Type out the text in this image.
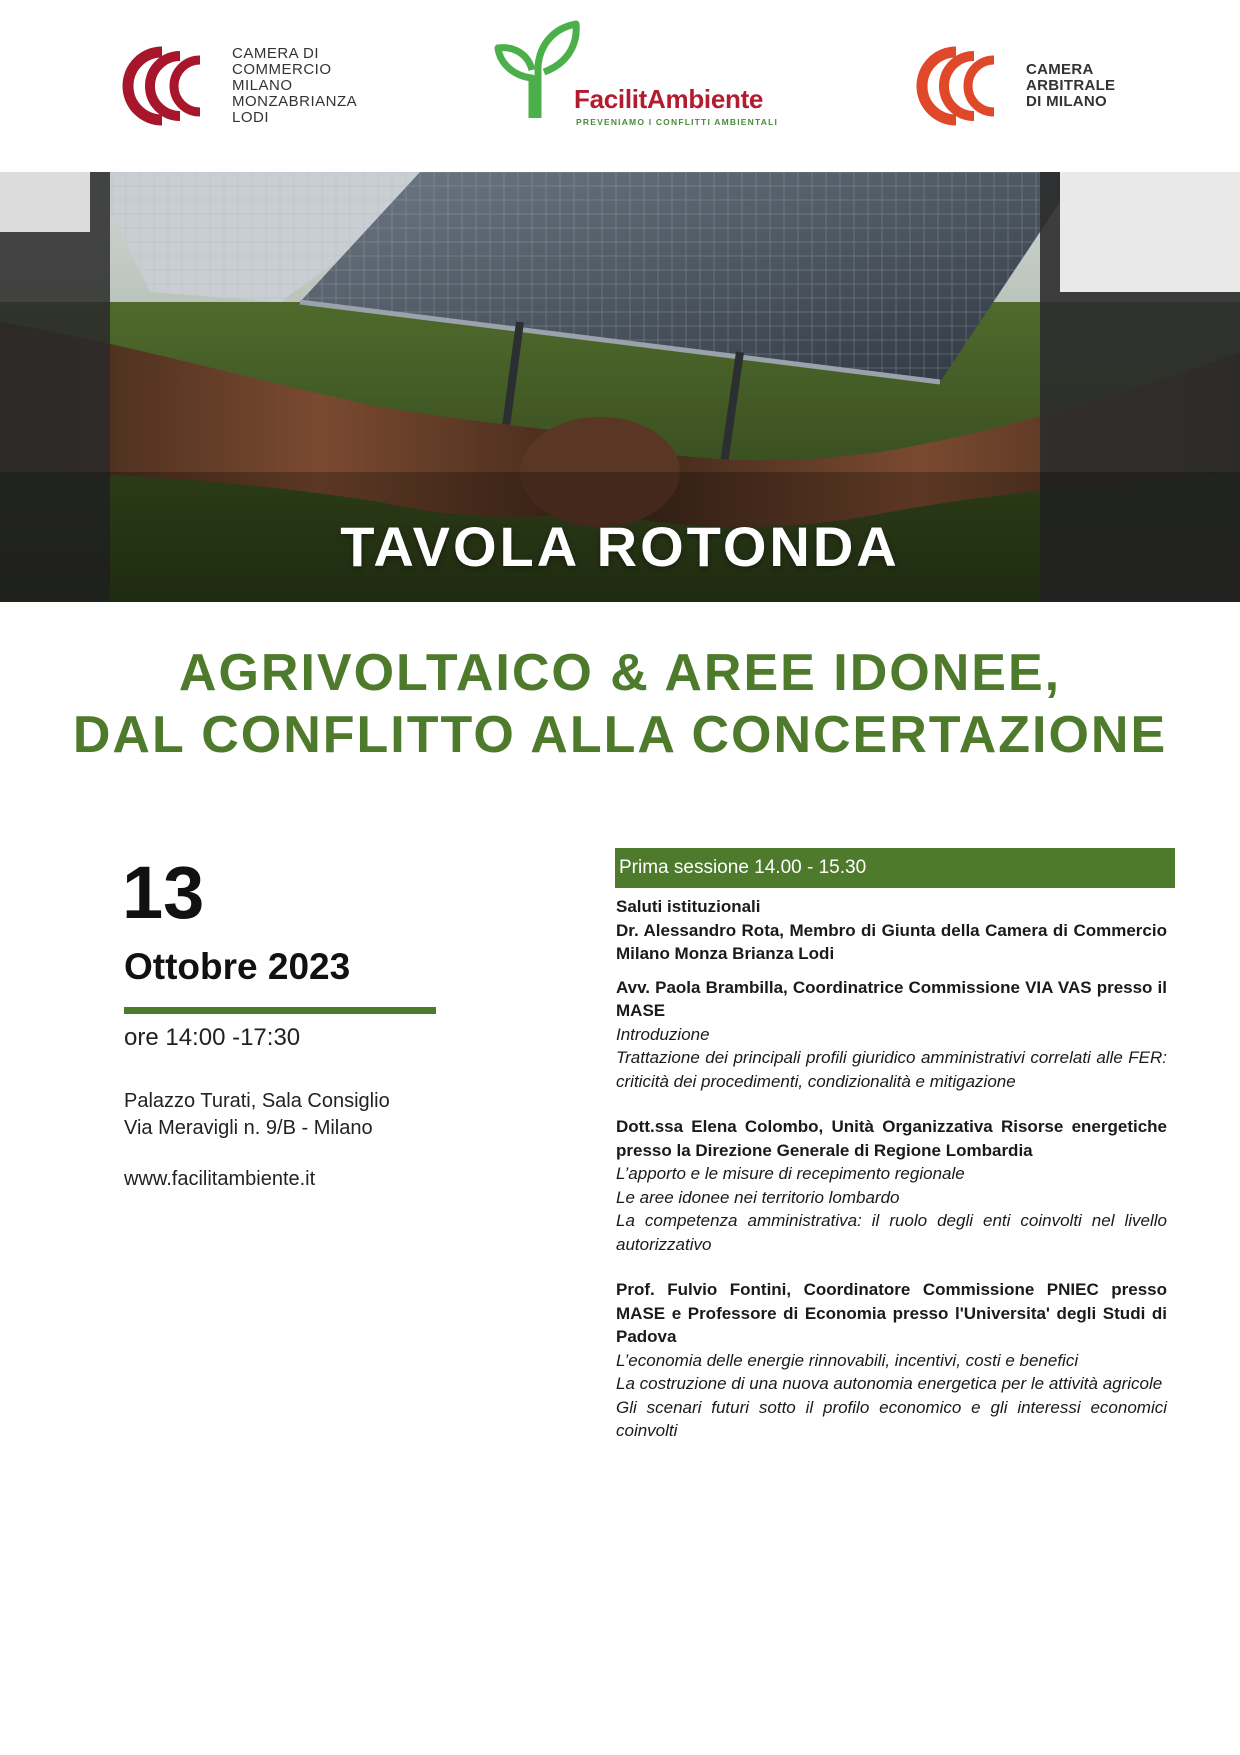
CAMERA DI
COMMERCIO
MILANO
MONZABRIANZA
LODI
FacilitAmbiente
PREVENIAMO I CONFLITTI AMBIENTALI
CAMERA
ARBITRALE
DI MILANO
TAVOLA ROTONDA
AGRIVOLTAICO & AREE IDONEE,
DAL CONFLITTO ALLA CONCERTAZIONE
13
Ottobre 2023
ore 14:00 -17:30
Palazzo Turati, Sala Consiglio
Via Meravigli n. 9/B - Milano
www.facilitambiente.it
Prima sessione 14.00 - 15.30
Saluti istituzionali
Dr. Alessandro Rota, Membro di Giunta della Camera di Commercio Milano Monza Brianza Lodi
Avv. Paola Brambilla, Coordinatrice Commissione VIA VAS presso il MASE
Introduzione
Trattazione dei principali profili giuridico amministrativi correlati alle FER: criticità dei procedimenti, condizionalità e mitigazione
Dott.ssa Elena Colombo, Unità Organizzativa Risorse energetiche presso la Direzione Generale di Regione Lombardia
L’apporto e le misure di recepimento regionale
Le aree idonee nei territorio lombardo
La competenza amministrativa: il ruolo degli enti coinvolti nel livello autorizzativo
Prof. Fulvio Fontini, Coordinatore Commissione PNIEC presso MASE e Professore di Economia presso l'Universita' degli Studi di Padova
L’economia delle energie rinnovabili, incentivi, costi e benefici
La costruzione di una nuova autonomia energetica per le attività agricole
Gli scenari futuri sotto il profilo economico e gli interessi economici coinvolti
